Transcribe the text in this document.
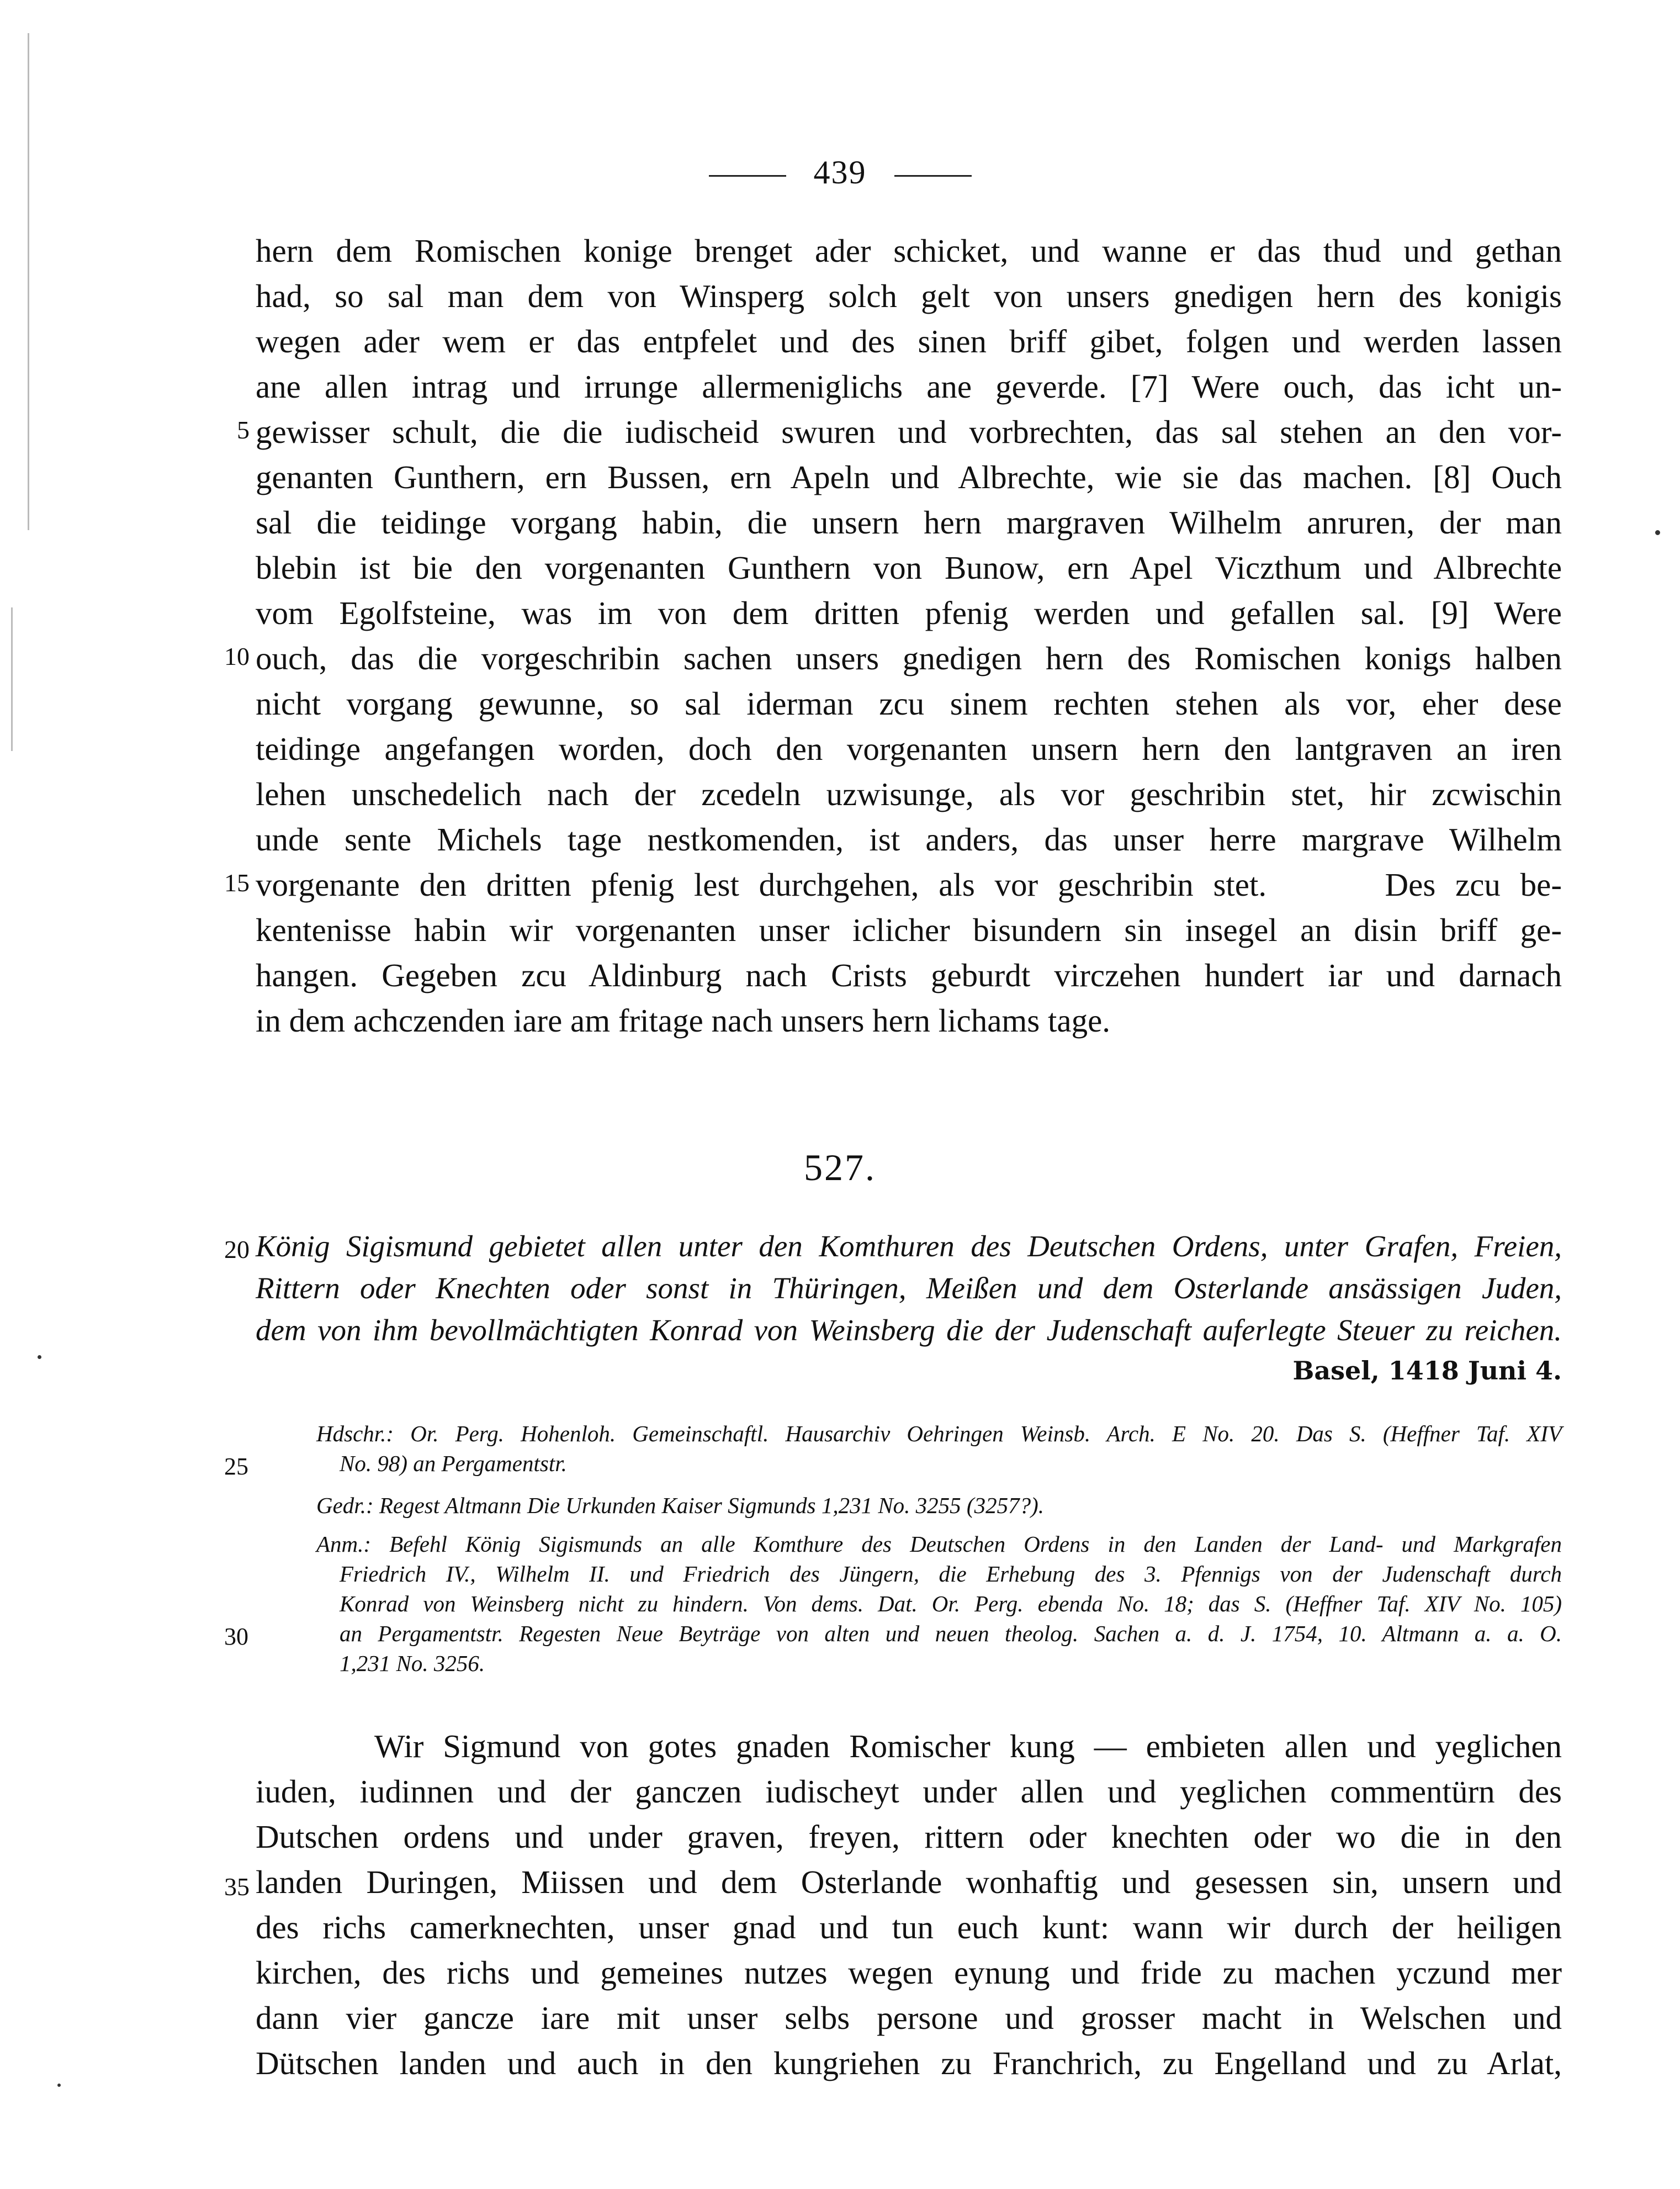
439
hern dem Romischen konige brenget ader schicket, und wanne er das thud und gethan
had, so sal man dem von Winsperg solch gelt von unsers gnedigen hern des konigis
wegen ader wem er das entpfelet und des sinen briff gibet, folgen und werden lassen
ane allen intrag und irrunge allermeniglichs ane geverde. [7] Were ouch, das icht un-
gewisser schult, die die iudischeid swuren und vorbrechten, das sal stehen an den vor-
genanten Gunthern, ern Bussen, ern Apeln und Albrechte, wie sie das machen. [8] Ouch
sal die teidinge vorgang habin, die unsern hern margraven Wilhelm anruren, der man
blebin ist bie den vorgenanten Gunthern von Bunow, ern Apel Viczthum und Albrechte
vom Egolfsteine, was im von dem dritten pfenig werden und gefallen sal. [9] Were
ouch, das die vorgeschribin sachen unsers gnedigen hern des Romischen konigs halben
nicht vorgang gewunne, so sal iderman zcu sinem rechten stehen als vor, eher dese
teidinge angefangen worden, doch den vorgenanten unsern hern den lantgraven an iren
lehen unschedelich nach der zcedeln uzwisunge, als vor geschribin stet, hir zcwischin
unde sente Michels tage nestkomenden, ist anders, das unser herre margrave Wilhelm
vorgenante den dritten pfenig lest durchgehen, als vor geschribin stet.      Des zcu be-
kentenisse habin wir vorgenanten unser iclicher bisundern sin insegel an disin briff ge-
hangen. Gegeben zcu Aldinburg nach Crists geburdt virczehen hundert iar und darnach
in dem achczenden iare am fritage nach unsers hern lichams tage.
5
10
15
527.
König Sigismund gebietet allen unter den Komthuren des Deutschen Ordens, unter Grafen, Freien,
Rittern oder Knechten oder sonst in Thüringen, Meißen und dem Osterlande ansässigen Juden,
dem von ihm bevollmächtigten Konrad von Weinsberg die der Judenschaft auferlegte Steuer zu reichen.
20
Basel, 1418 Juni 4.
Hdschr.: Or. Perg. Hohenloh. Gemeinschaftl. Hausarchiv Oehringen Weinsb. Arch. E No. 20. Das S. (Heffner Taf. XIV
No. 98) an Pergamentstr.
Gedr.: Regest Altmann Die Urkunden Kaiser Sigmunds 1,231 No. 3255 (3257?).
Anm.: Befehl König Sigismunds an alle Komthure des Deutschen Ordens in den Landen der Land- und Markgrafen
Friedrich IV., Wilhelm II. und Friedrich des Jüngern, die Erhebung des 3. Pfennigs von der Judenschaft durch
Konrad von Weinsberg nicht zu hindern. Von dems. Dat. Or. Perg. ebenda No. 18; das S. (Heffner Taf. XIV No. 105)
an Pergamentstr. Regesten Neue Beyträge von alten und neuen theolog. Sachen a. d. J. 1754, 10. Altmann a. a. O.
1,231 No. 3256.
25
30
Wir Sigmund von gotes gnaden Romischer kung — embieten allen und yeglichen
iuden, iudinnen und der ganczen iudischeyt under allen und yeglichen commentürn des
Dutschen ordens und under graven, freyen, rittern oder knechten oder wo die in den
landen Duringen, Miissen und dem Osterlande wonhaftig und gesessen sin, unsern und
des richs camerknechten, unser gnad und tun euch kunt: wann wir durch der heiligen
kirchen, des richs und gemeines nutzes wegen eynung und fride zu machen yczund mer
dann vier gancze iare mit unser selbs persone und grosser macht in Welschen und
Dütschen landen und auch in den kungriehen zu Franchrich, zu Engelland und zu Arlat,
35
